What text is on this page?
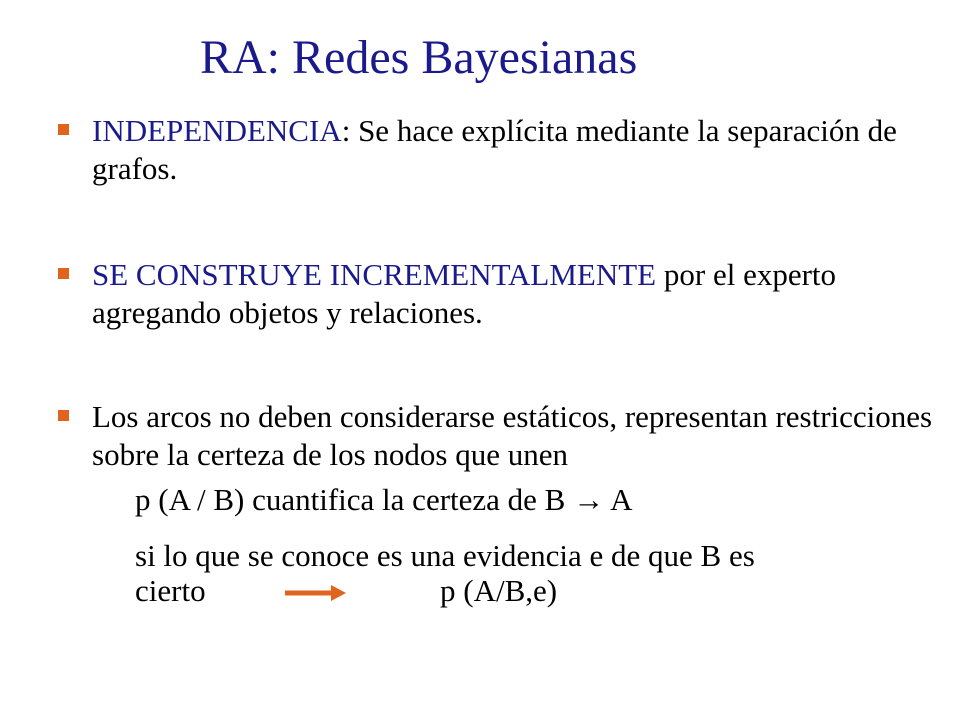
RA: Redes Bayesianas
INDEPENDENCIA: Se hace explícita mediante la separación de grafos.
SE CONSTRUYE INCREMENTALMENTE por el experto agregando objetos y relaciones.
Los arcos no deben considerarse estáticos, representan restricciones sobre la certeza de los nodos que unen
p (A / B) cuantifica la certeza de B → A
si lo que se conoce es una evidencia e de que B es
cierto	p (A/B,e)
